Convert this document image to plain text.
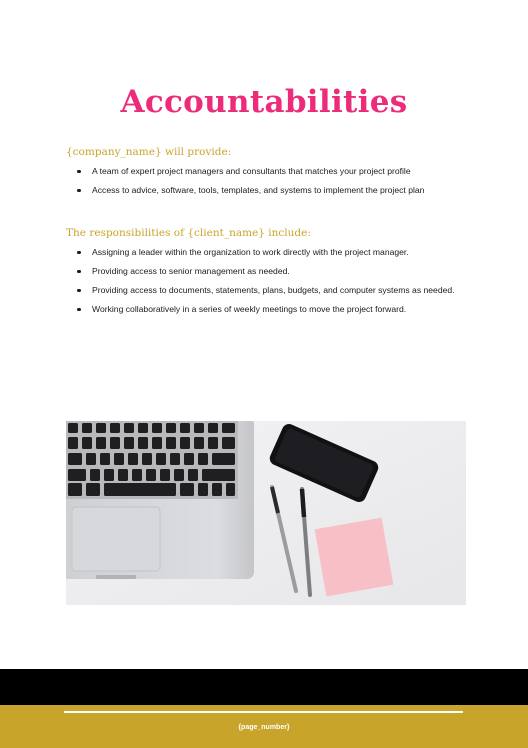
Accountabilities
{company_name} will provide:
A team of expert project managers and consultants that matches your project profile
Access to advice, software, tools, templates, and systems to implement the project plan
The responsibilities of {client_name} include:
Assigning a leader within the organization to work directly with the project manager.
Providing access to senior management as needed.
Providing access to documents, statements, plans, budgets, and computer systems as needed.
Working collaboratively in a series of weekly meetings to move the project forward.
{page_number}
